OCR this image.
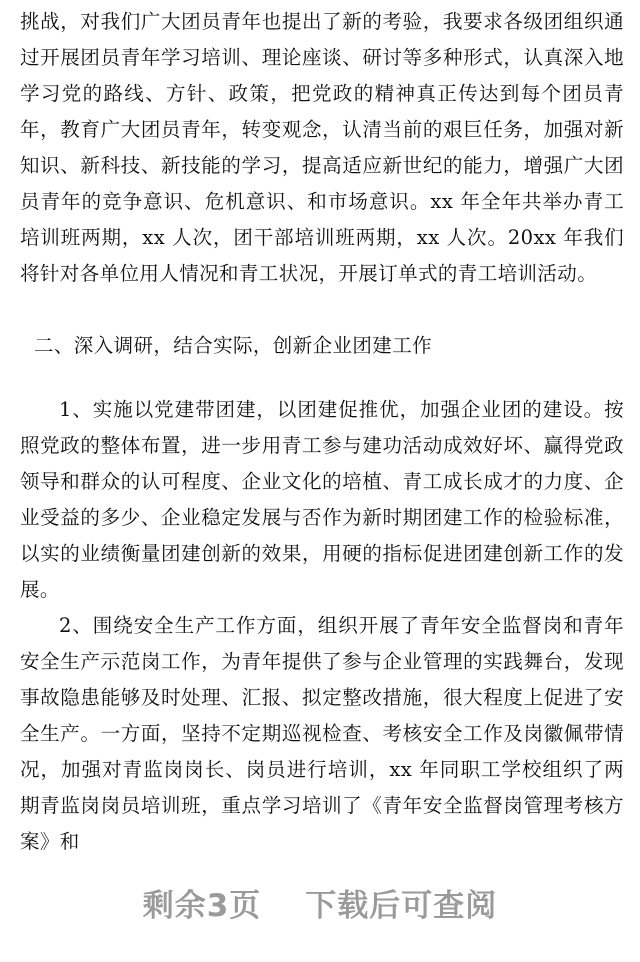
挑战，对我们广大团员青年也提出了新的考验，我要求各级团组织通过开展团员青年学习培训、理论座谈、研讨等多种形式，认真深入地学习党的路线、方针、政策，把党政的精神真正传达到每个团员青年，教育广大团员青年，转变观念，认清当前的艰巨任务，加强对新知识、新科技、新技能的学习，提高适应新世纪的能力，增强广大团员青年的竞争意识、危机意识、和市场意识。xx 年全年共举办青工培训班两期，xx 人次，团干部培训班两期，xx 人次。20xx 年我们将针对各单位用人情况和青工状况，开展订单式的青工培训活动。

二、深入调研，结合实际，创新企业团建工作

1、实施以党建带团建，以团建促推优，加强企业团的建设。按照党政的整体布置，进一步用青工参与建功活动成效好坏、赢得党政领导和群众的认可程度、企业文化的培植、青工成长成才的力度、企业受益的多少、企业稳定发展与否作为新时期团建工作的检验标准，以实的业绩衡量团建创新的效果，用硬的指标促进团建创新工作的发展。

2、围绕安全生产工作方面，组织开展了青年安全监督岗和青年安全生产示范岗工作，为青年提供了参与企业管理的实践舞台，发现事故隐患能够及时处理、汇报、拟定整改措施，很大程度上促进了安全生产。一方面，坚持不定期巡视检查、考核安全工作及岗徽佩带情况，加强对青监岗岗长、岗员进行培训，xx 年同职工学校组织了两期青监岗岗员培训班，重点学习培训了《青年安全监督岗管理考核方案》和

剩余3页 下载后可查阅
